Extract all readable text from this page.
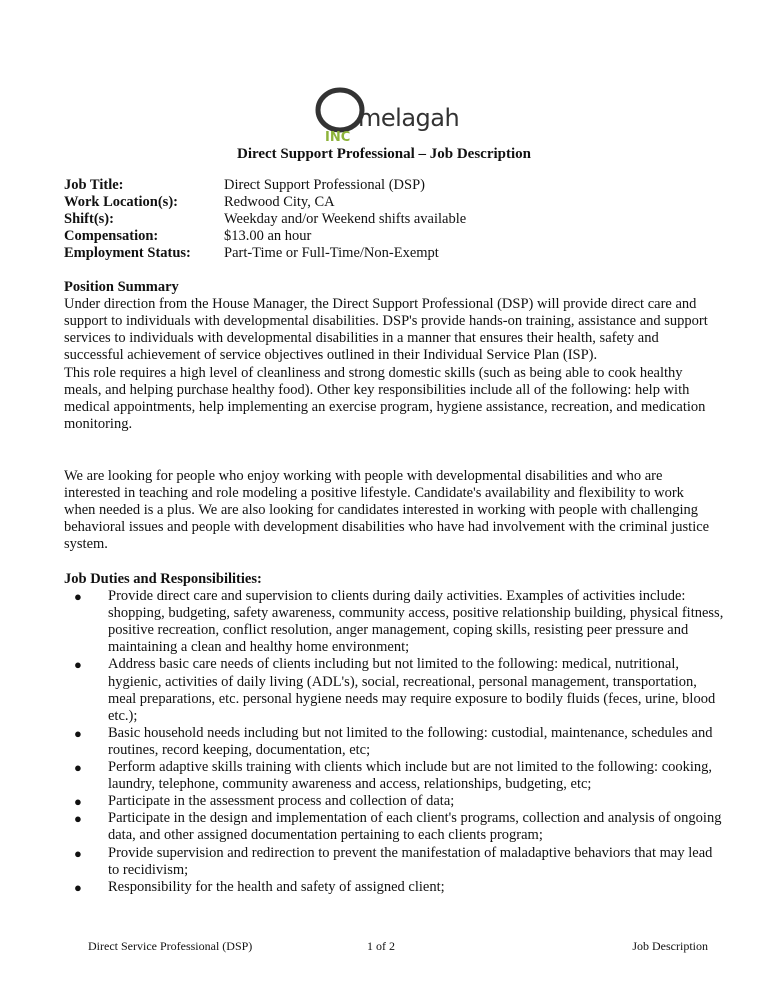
melagah
INC
Direct Support Professional – Job Description
Job Title:	Direct Support Professional (DSP)
Work Location(s):	Redwood City, CA
Shift(s):	Weekday and/or Weekend shifts available
Compensation:	$13.00 an hour
Employment Status:	Part-Time or Full-Time/Non-Exempt
Position Summary

Under direction from the House Manager, the Direct Support Professional (DSP) will provide direct care and support to individuals with developmental disabilities. DSP's provide hands-on training, assistance and support services to individuals with developmental disabilities in a manner that ensures their health, safety and successful achievement of service objectives outlined in their Individual Service Plan (ISP).

This role requires a high level of cleanliness and strong domestic skills (such as being able to cook healthy meals, and helping purchase healthy food). Other key responsibilities include all of the following: help with medical appointments, help implementing an exercise program, hygiene assistance, recreation, and medication monitoring.

We are looking for people who enjoy working with people with developmental disabilities and who are interested in teaching and role modeling a positive lifestyle. Candidate's availability and flexibility to work when needed is a plus. We are also looking for candidates interested in working with people with challenging behavioral issues and people with development disabilities who have had involvement with the criminal justice system.

Job Duties and Responsibilities:
● Provide direct care and supervision to clients during daily activities. Examples of activities include: shopping, budgeting, safety awareness, community access, positive relationship building, physical fitness, positive recreation, conflict resolution, anger management, coping skills, resisting peer pressure and maintaining a clean and healthy home environment;
● Address basic care needs of clients including but not limited to the following: medical, nutritional, hygienic, activities of daily living (ADL's), social, recreational, personal management, transportation, meal preparations, etc. personal hygiene needs may require exposure to bodily fluids (feces, urine, blood etc.);
● Basic household needs including but not limited to the following: custodial, maintenance, schedules and routines, record keeping, documentation, etc;
● Perform adaptive skills training with clients which include but are not limited to the following: cooking, laundry, telephone, community awareness and access, relationships, budgeting, etc;
● Participate in the assessment process and collection of data;
● Participate in the design and implementation of each client's programs, collection and analysis of ongoing data, and other assigned documentation pertaining to each clients program;
● Provide supervision and redirection to prevent the manifestation of maladaptive behaviors that may lead to recidivism;
● Responsibility for the health and safety of assigned client;
Direct Service Professional (DSP)	1 of 2	Job Description
